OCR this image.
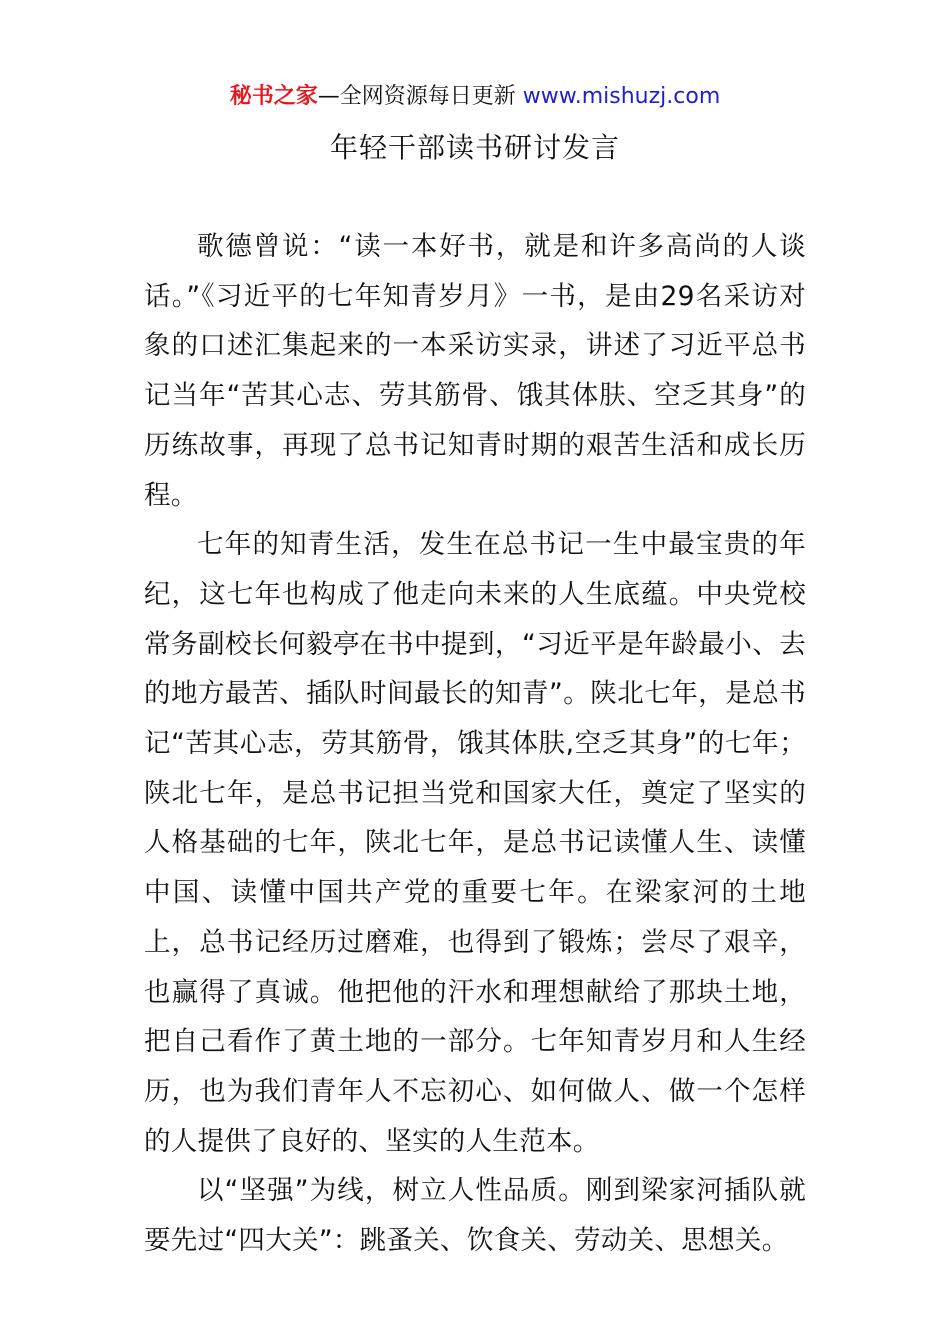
秘书之家—全网资源每日更新 www.mishuzj.com
年轻干部读书研讨发言

歌德曾说：“读一本好书，就是和许多高尚的人谈话。”《习近平的七年知青岁月》一书，是由29名采访对象的口述汇集起来的一本采访实录，讲述了习近平总书记当年“苦其心志、劳其筋骨、饿其体肤、空乏其身”的历练故事，再现了总书记知青时期的艰苦生活和成长历程。

七年的知青生活，发生在总书记一生中最宝贵的年纪，这七年也构成了他走向未来的人生底蕴。中央党校常务副校长何毅亭在书中提到，“习近平是年龄最小、去的地方最苦、插队时间最长的知青”。陕北七年，是总书记“苦其心志，劳其筋骨，饿其体肤,空乏其身”的七年；陕北七年，是总书记担当党和国家大任，奠定了坚实的人格基础的七年，陕北七年，是总书记读懂人生、读懂中国、读懂中国共产党的重要七年。在梁家河的土地上，总书记经历过磨难，也得到了锻炼；尝尽了艰辛，也赢得了真诚。他把他的汗水和理想献给了那块土地，把自己看作了黄土地的一部分。七年知青岁月和人生经历，也为我们青年人不忘初心、如何做人、做一个怎样的人提供了良好的、坚实的人生范本。

以“坚强”为线，树立人性品质。刚到梁家河插队就要先过“四大关”：跳蚤关、饮食关、劳动关、思想关。
